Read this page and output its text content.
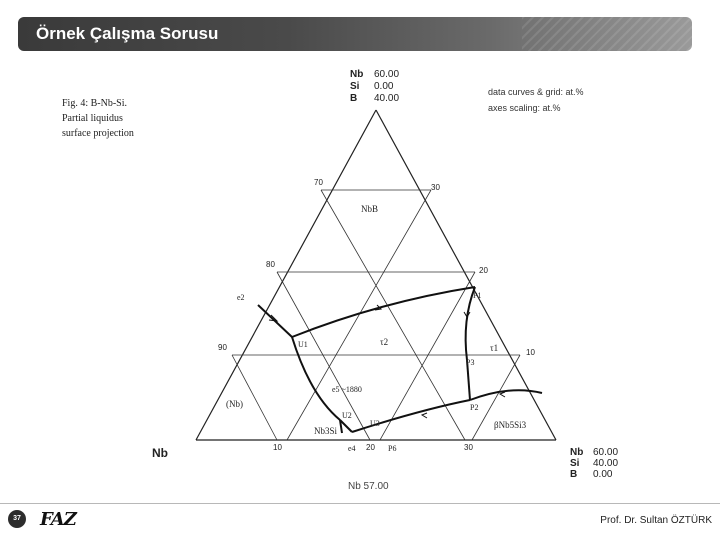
Örnek Çalışma Sorusu
Fig. 4: B-Nb-Si.
Partial liquidus
surface projection
data curves & grid: at.%
axes scaling: at.%
Nb 60.00
Si 0.00
B 40.00
Nb	Nb 60.00
Si 40.00
B 0.00
Nb 57.00
70
80
90
30
20
10
10	20	30
NbB
(Nb)
τ2
τ1
βNb5Si3
Nb3Si
e2
U1
P1
P3
P2
e5 ~1880
U2
U3
e4	P6
37 FAZ	Prof. Dr. Sultan ÖZTÜRK
